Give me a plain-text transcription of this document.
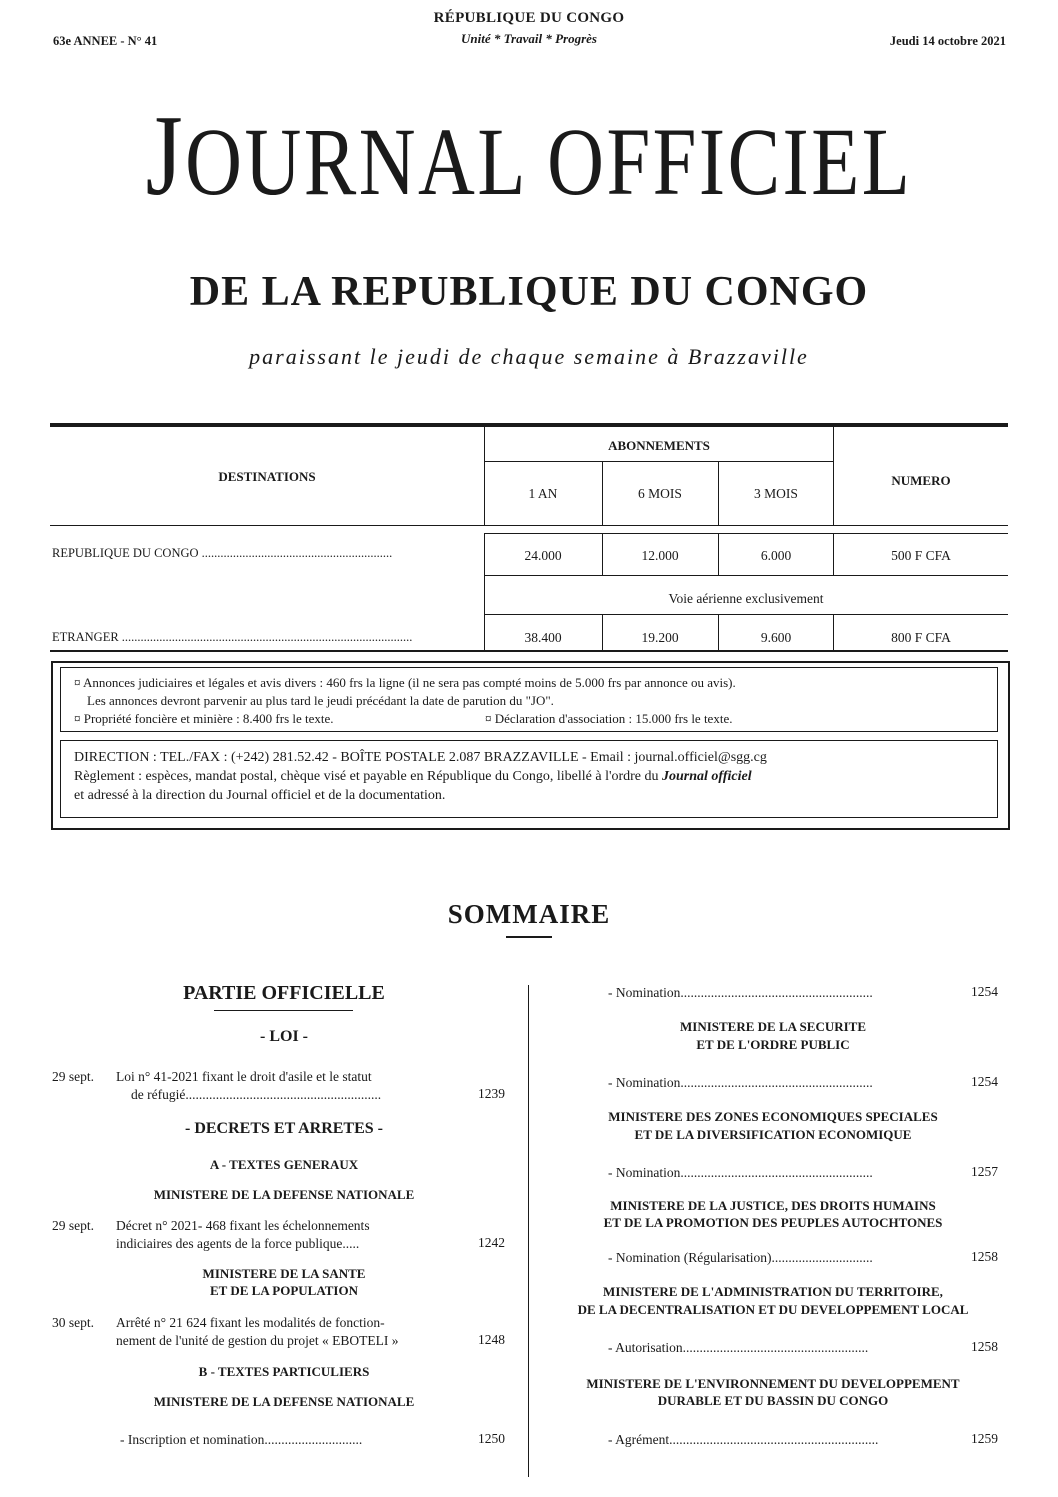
RÉPUBLIQUE DU CONGO
Unité * Travail * Progrès
63e ANNEE - N° 41	Jeudi 14 octobre 2021
JOURNAL OFFICIEL
DE LA REPUBLIQUE DU CONGO
paraissant le jeudi de chaque semaine à Brazzaville
DESTINATIONS
ABONNEMENTS
1 AN	6 MOIS	3 MOIS
NUMERO
REPUBLIQUE DU CONGO .............................................................	24.000	12.000	6.000	500 F CFA
Voie aérienne exclusivement
ETRANGER .............................................................................................	38.400	19.200	9.600	800 F CFA
¤ Annonces judiciaires et légales et avis divers : 460 frs la ligne (il ne sera pas compté moins de 5.000 frs par annonce ou avis).
Les annonces devront parvenir au plus tard le jeudi précédant la date de parution du "JO".
¤ Propriété foncière et minière : 8.400 frs le texte.	¤ Déclaration d'association : 15.000 frs le texte.
DIRECTION : TEL./FAX : (+242) 281.52.42 - BOÎTE POSTALE 2.087 BRAZZAVILLE - Email : journal.officiel@sgg.cg
Règlement : espèces, mandat postal, chèque visé et payable en République du Congo, libellé à l'ordre du Journal officiel
et adressé à la direction du Journal officiel et de la documentation.
SOMMAIRE
PARTIE OFFICIELLE
- LOI -
29 sept. Loi n° 41-2021 fixant le droit d'asile et le statut
de réfugié..........................................................	1239
- DECRETS ET ARRETES -
A - TEXTES GENERAUX
MINISTERE DE LA DEFENSE NATIONALE
29 sept. Décret n° 2021- 468 fixant les échelonnements
indiciaires des agents de la force publique.....	1242
MINISTERE DE LA SANTE
ET DE LA POPULATION
30 sept. Arrêté n° 21 624 fixant les modalités de fonction-
nement de l'unité de gestion du projet « EBOTELI »	1248
B - TEXTES PARTICULIERS
MINISTERE DE LA DEFENSE NATIONALE
- Inscription et nomination.............................	1250
- Nomination.........................................................	1254
MINISTERE DE LA SECURITE
ET DE L'ORDRE PUBLIC
- Nomination.........................................................	1254
MINISTERE DES ZONES ECONOMIQUES SPECIALES
ET DE LA DIVERSIFICATION ECONOMIQUE
- Nomination.........................................................	1257
MINISTERE DE LA JUSTICE, DES DROITS HUMAINS
ET DE LA PROMOTION DES PEUPLES AUTOCHTONES
- Nomination (Régularisation)..............................	1258
MINISTERE DE L'ADMINISTRATION DU TERRITOIRE,
DE LA DECENTRALISATION ET DU DEVELOPPEMENT LOCAL
- Autorisation.......................................................	1258
MINISTERE DE L'ENVIRONNEMENT DU DEVELOPPEMENT
DURABLE ET DU BASSIN DU CONGO
- Agrément..............................................................	1259
